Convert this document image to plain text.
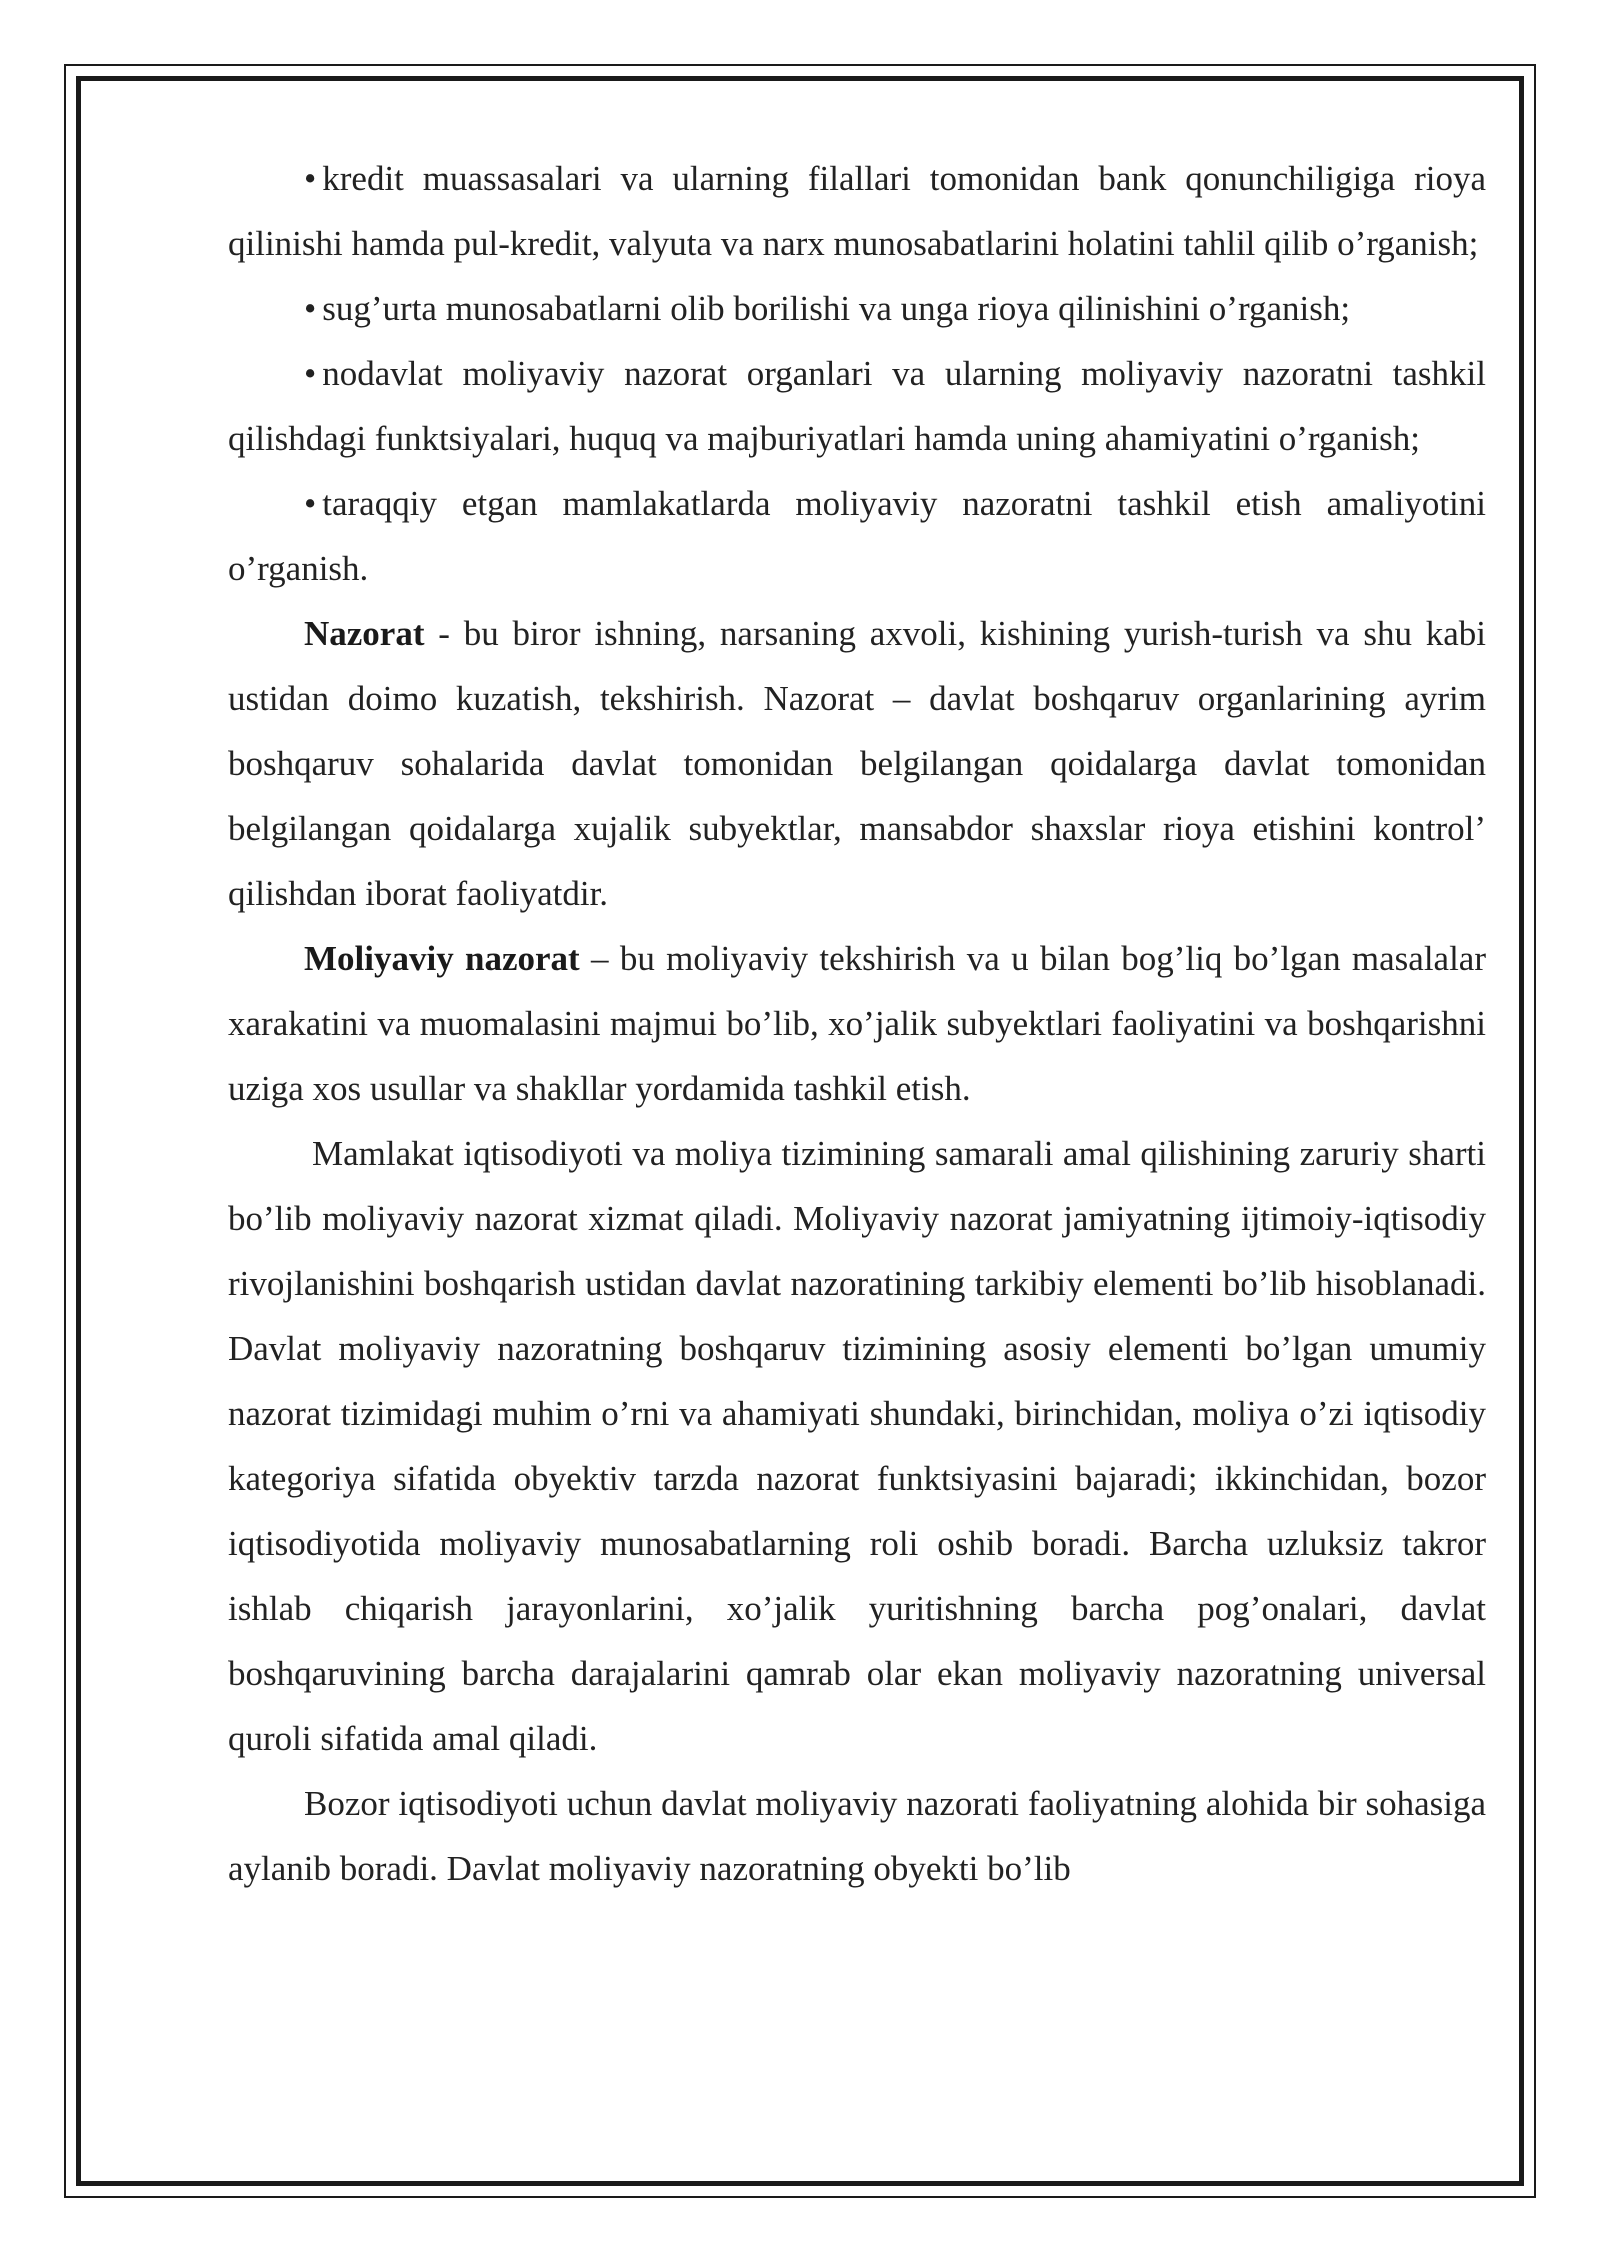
• kredit muassasalari va ularning filallari tomonidan bank qonunchiligiga rioya qilinishi hamda pul-kredit, valyuta va narx munosabatlarini holatini tahlil qilib o’rganish;

• sug’urta munosabatlarni olib borilishi va unga rioya qilinishini o’rganish;

• nodavlat moliyaviy nazorat organlari va ularning moliyaviy nazoratni tashkil qilishdagi funktsiyalari, huquq va majburiyatlari hamda uning ahamiyatini o’rganish;

• taraqqiy etgan mamlakatlarda moliyaviy nazoratni tashkil etish amaliyotini o’rganish.

Nazorat - bu biror ishning, narsaning axvoli, kishining yurish-turish va shu kabi ustidan doimo kuzatish, tekshirish. Nazorat – davlat boshqaruv organlarining ayrim boshqaruv sohalarida davlat tomonidan belgilangan qoidalarga davlat tomonidan belgilangan qoidalarga xujalik subyektlar, mansabdor shaxslar rioya etishini kontrol’ qilishdan iborat faoliyatdir.

Moliyaviy nazorat – bu moliyaviy tekshirish va u bilan bog’liq bo’lgan masalalar xarakatini va muomalasini majmui bo’lib, xo’jalik subyektlari faoliyatini va boshqarishni uziga xos usullar va shakllar yordamida tashkil etish.

Mamlakat iqtisodiyoti va moliya tizimining samarali amal qilishining zaruriy sharti bo’lib moliyaviy nazorat xizmat qiladi. Moliyaviy nazorat jamiyatning ijtimoiy-iqtisodiy rivojlanishini boshqarish ustidan davlat nazoratining tarkibiy elementi bo’lib hisoblanadi. Davlat moliyaviy nazoratning boshqaruv tizimining asosiy elementi bo’lgan umumiy nazorat tizimidagi muhim o’rni va ahamiyati shundaki, birinchidan, moliya o’zi iqtisodiy kategoriya sifatida obyektiv tarzda nazorat funktsiyasini bajaradi; ikkinchidan, bozor iqtisodiyotida moliyaviy munosabatlarning roli oshib boradi. Barcha uzluksiz takror ishlab chiqarish jarayonlarini, xo’jalik yuritishning barcha pog’onalari, davlat boshqaruvining barcha darajalarini qamrab olar ekan moliyaviy nazoratning universal quroli sifatida amal qiladi.

Bozor iqtisodiyoti uchun davlat moliyaviy nazorati faoliyatning alohida bir sohasiga aylanib boradi. Davlat moliyaviy nazoratning obyekti bo’lib
